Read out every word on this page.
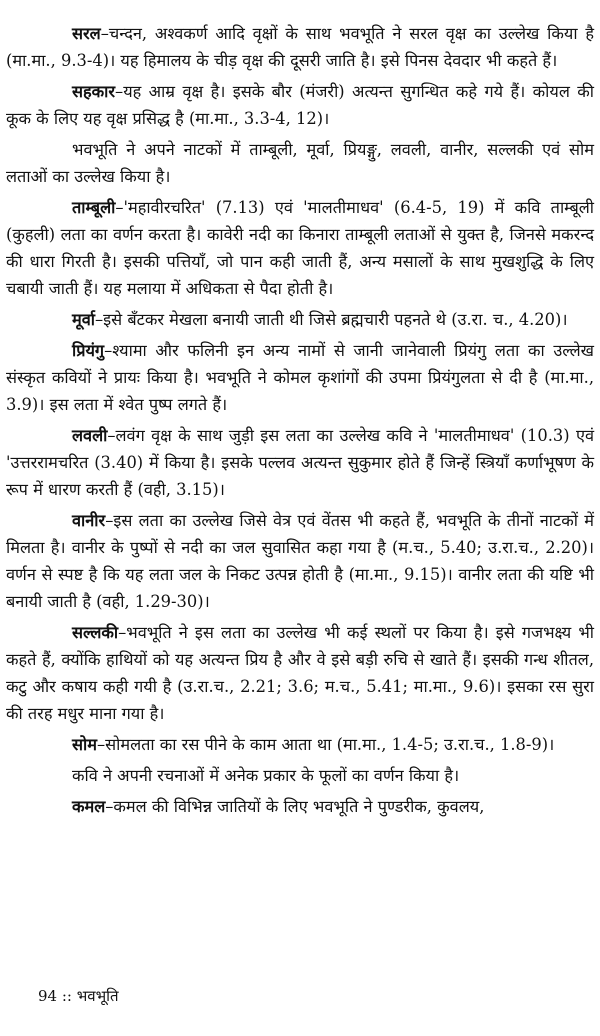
सरल–चन्दन, अश्वकर्ण आदि वृक्षों के साथ भवभूति ने सरल वृक्ष का उल्लेख किया है (मा.मा., 9.3-4)। यह हिमालय के चीड़ वृक्ष की दूसरी जाति है। इसे पिनस देवदार भी कहते हैं।

सहकार–यह आम्र वृक्ष है। इसके बौर (मंजरी) अत्यन्त सुगन्धित कहे गये हैं। कोयल की कूक के लिए यह वृक्ष प्रसिद्ध है (मा.मा., 3.3-4, 12)।

भवभूति ने अपने नाटकों में ताम्बूली, मूर्वा, प्रियङ्गु, लवली, वानीर, सल्लकी एवं सोम लताओं का उल्लेख किया है।

ताम्बूली–'महावीरचरित' (7.13) एवं 'मालतीमाधव' (6.4-5, 19) में कवि ताम्बूली (कुहली) लता का वर्णन करता है। कावेरी नदी का किनारा ताम्बूली लताओं से युक्त है, जिनसे मकरन्द की धारा गिरती है। इसकी पत्तियाँ, जो पान कही जाती हैं, अन्य मसालों के साथ मुखशुद्धि के लिए चबायी जाती हैं। यह मलाया में अधिकता से पैदा होती है।

मूर्वा–इसे बँटकर मेखला बनायी जाती थी जिसे ब्रह्मचारी पहनते थे (उ.रा. च., 4.20)।

प्रियंगु–श्यामा और फलिनी इन अन्य नामों से जानी जानेवाली प्रियंगु लता का उल्लेख संस्कृत कवियों ने प्रायः किया है। भवभूति ने कोमल कृशांगों की उपमा प्रियंगुलता से दी है (मा.मा., 3.9)। इस लता में श्वेत पुष्प लगते हैं।

लवली–लवंग वृक्ष के साथ जुड़ी इस लता का उल्लेख कवि ने 'मालतीमाधव' (10.3) एवं 'उत्तररामचरित (3.40) में किया है। इसके पल्लव अत्यन्त सुकुमार होते हैं जिन्हें स्त्रियाँ कर्णाभूषण के रूप में धारण करती हैं (वही, 3.15)।

वानीर–इस लता का उल्लेख जिसे वेत्र एवं वेंतस भी कहते हैं, भवभूति के तीनों नाटकों में मिलता है। वानीर के पुष्पों से नदी का जल सुवासित कहा गया है (म.च., 5.40; उ.रा.च., 2.20)। वर्णन से स्पष्ट है कि यह लता जल के निकट उत्पन्न होती है (मा.मा., 9.15)। वानीर लता की यष्टि भी बनायी जाती है (वही, 1.29-30)।

सल्लकी–भवभूति ने इस लता का उल्लेख भी कई स्थलों पर किया है। इसे गजभक्ष्य भी कहते हैं, क्योंकि हाथियों को यह अत्यन्त प्रिय है और वे इसे बड़ी रुचि से खाते हैं। इसकी गन्ध शीतल, कटु और कषाय कही गयी है (उ.रा.च., 2.21; 3.6; म.च., 5.41; मा.मा., 9.6)। इसका रस सुरा की तरह मधुर माना गया है।

सोम–सोमलता का रस पीने के काम आता था (मा.मा., 1.4-5; उ.रा.च., 1.8-9)।

कवि ने अपनी रचनाओं में अनेक प्रकार के फूलों का वर्णन किया है।

कमल–कमल की विभिन्न जातियों के लिए भवभूति ने पुण्डरीक, कुवलय,

94 :: भवभूति
